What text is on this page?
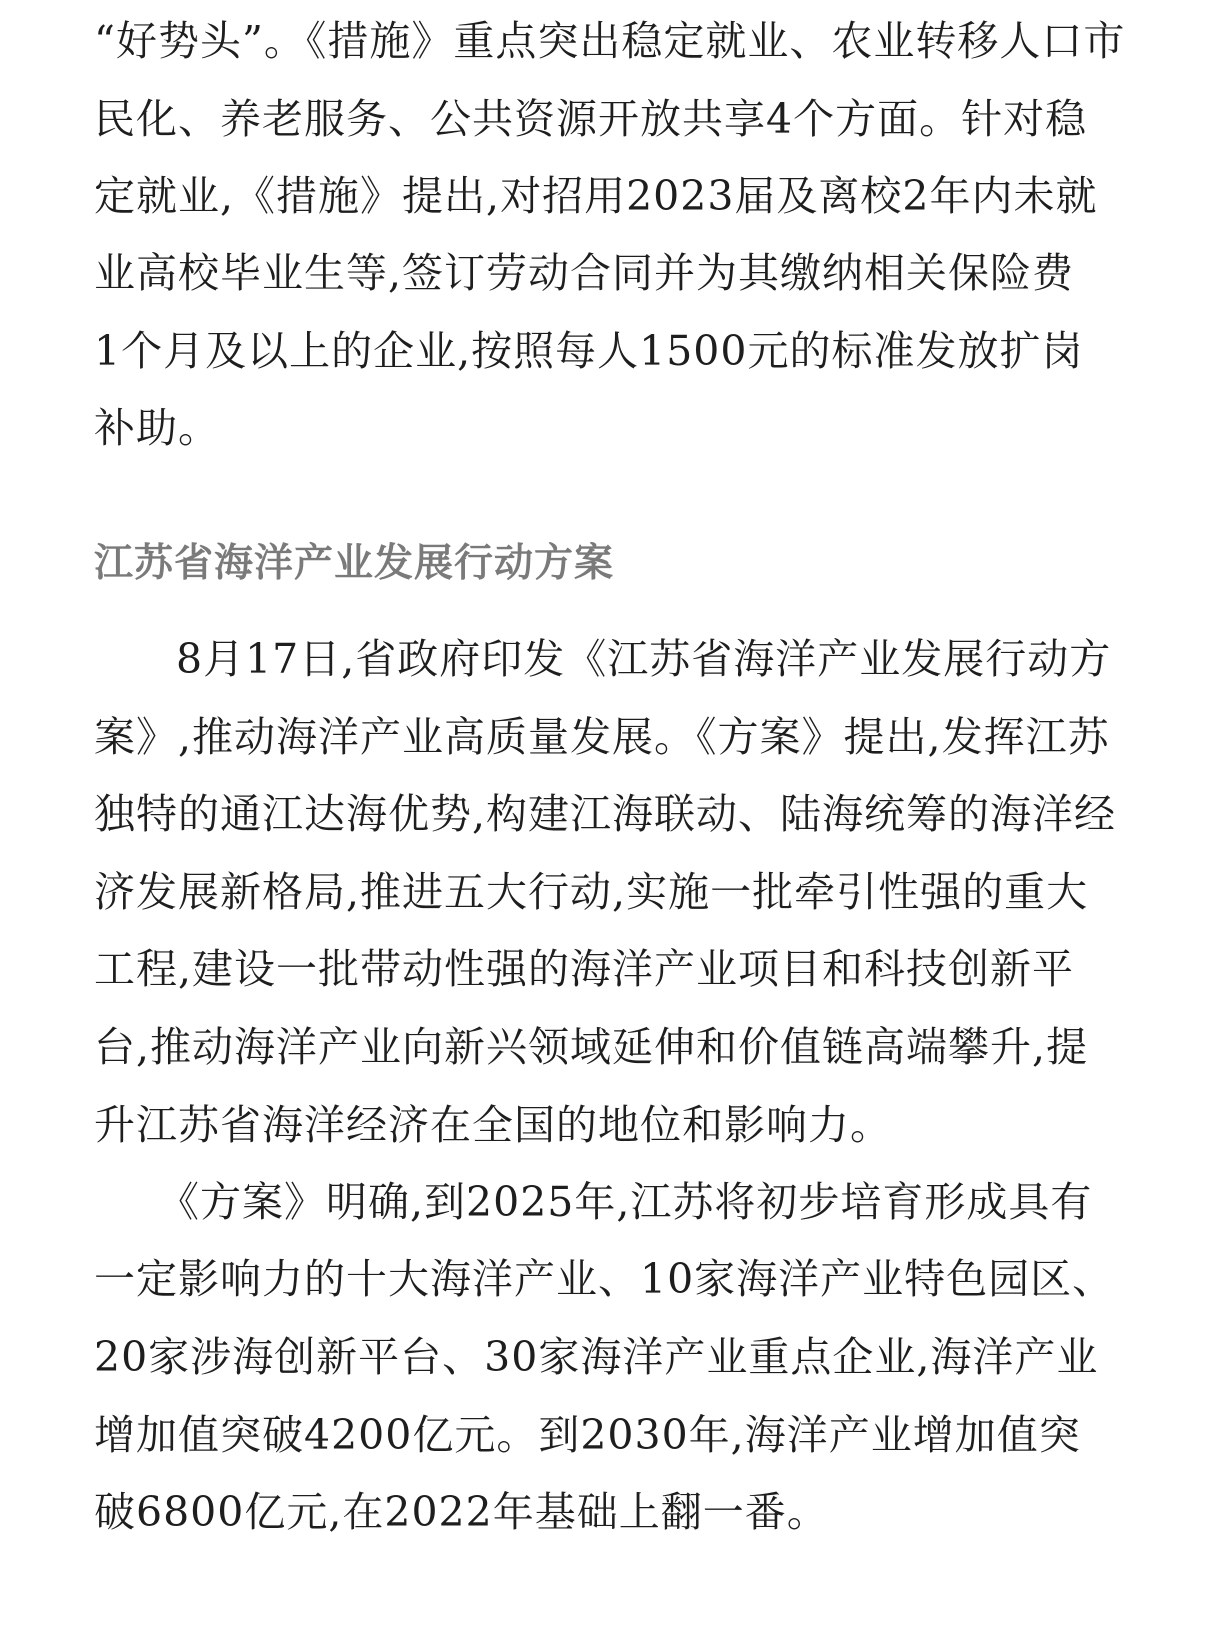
“好势头”。《措施》重点突出稳定就业、农业转移人口市
民化、养老服务、公共资源开放共享4个方面。针对稳
定就业,《措施》提出,对招用2023届及离校2年内未就
业高校毕业生等,签订劳动合同并为其缴纳相关保险费
1个月及以上的企业,按照每人1500元的标准发放扩岗
补助。
江苏省海洋产业发展行动方案
8月17日,省政府印发《江苏省海洋产业发展行动方
案》,推动海洋产业高质量发展。《方案》提出,发挥江苏
独特的通江达海优势,构建江海联动、陆海统筹的海洋经
济发展新格局,推进五大行动,实施一批牵引性强的重大
工程,建设一批带动性强的海洋产业项目和科技创新平
台,推动海洋产业向新兴领域延伸和价值链高端攀升,提
升江苏省海洋经济在全国的地位和影响力。
《方案》明确,到2025年,江苏将初步培育形成具有
一定影响力的十大海洋产业、10家海洋产业特色园区、
20家涉海创新平台、30家海洋产业重点企业,海洋产业
增加值突破4200亿元。到2030年,海洋产业增加值突
破6800亿元,在2022年基础上翻一番。
